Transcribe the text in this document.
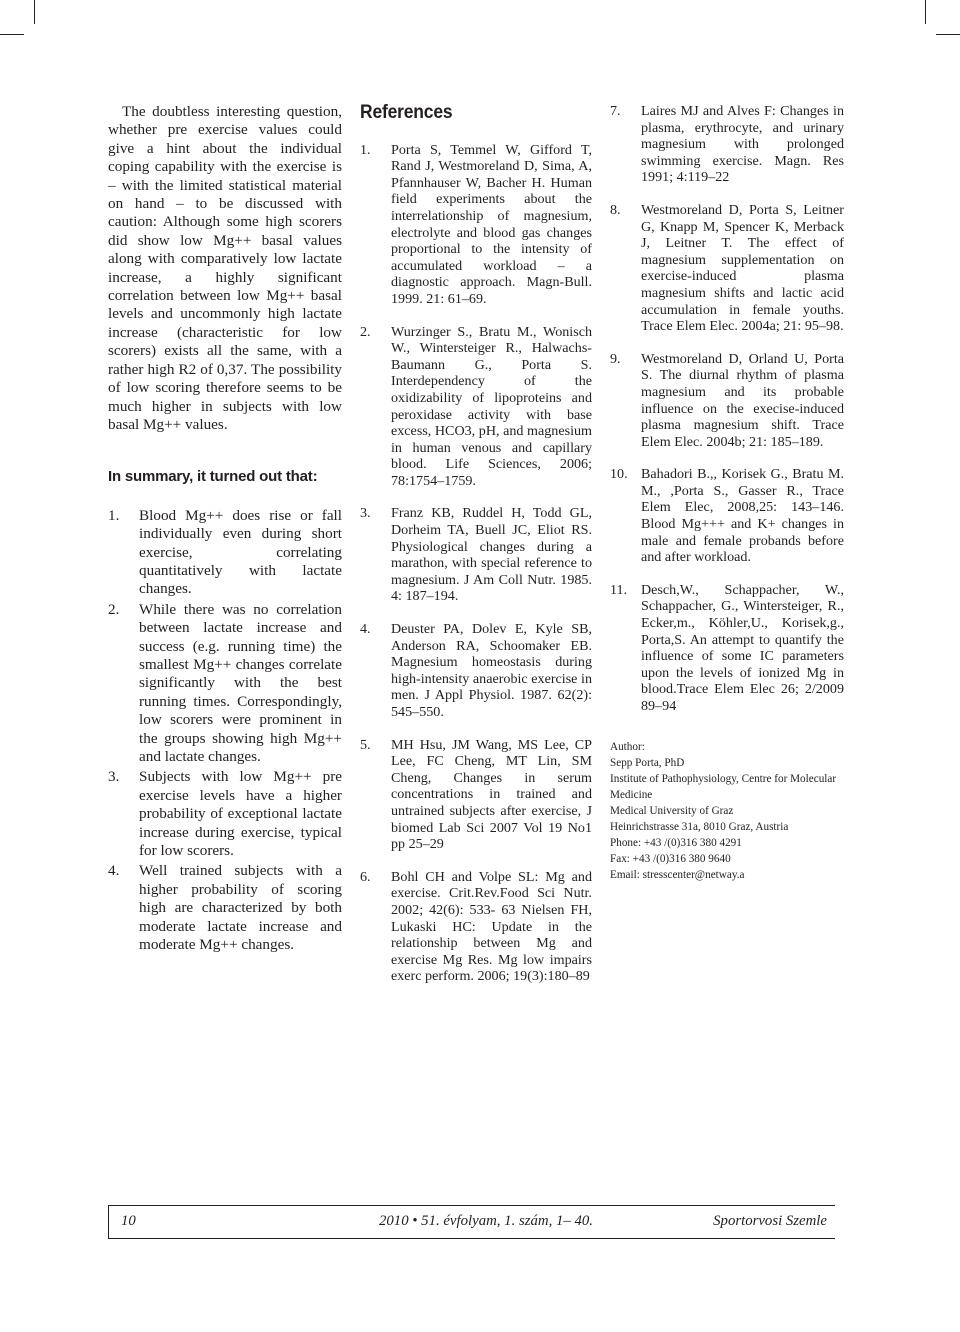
The doubtless interesting question, whether pre exercise values could give a hint about the individual coping capability with the exercise is – with the limited statistical material on hand – to be discussed with caution: Although some high scorers did show low Mg++ basal values along with comparatively low lactate increase, a highly significant correlation between low Mg++ basal levels and uncommonly high lactate increase (characteristic for low scorers) exists all the same, with a rather high R2 of 0,37. The possibility of low scoring therefore seems to be much higher in subjects with low basal Mg++ values.

In summary, it turned out that:
1.	Blood Mg++ does rise or fall individually even during short exercise, correlating quantitatively with lactate changes.
2.	While there was no correlation between lactate increase and success (e.g. running time) the smallest Mg++ changes correlate significantly with the best running times. Correspondingly, low scorers were prominent in the groups showing high Mg++ and lactate changes.
3.	Subjects with low Mg++ pre exercise levels have a higher probability of exceptional lactate increase during exercise, typical for low scorers.
4.	Well trained subjects with a higher probability of scoring high are characterized by both moderate lactate increase and moderate Mg++ changes.
References
1.	Porta S, Temmel W, Gifford T, Rand J, Westmoreland D, Sima, A, Pfannhauser W, Bacher H. Human field experiments about the interrelationship of magnesium, electrolyte and blood gas changes proportional to the intensity of accumulated workload – a diagnostic approach. Magn-Bull. 1999. 21: 61–69.
2.	Wurzinger S., Bratu M., Wonisch W., Wintersteiger R., Halwachs-Baumann G., Porta S. Interdependency of the oxidizability of lipoproteins and peroxidase activity with base excess, HCO3, pH, and magnesium in human venous and capillary blood. Life Sciences, 2006; 78:1754–1759.
3.	Franz KB, Ruddel H, Todd GL, Dorheim TA, Buell JC, Eliot RS. Physiological changes during a marathon, with special reference to magnesium. J Am Coll Nutr. 1985. 4: 187–194.
4.	Deuster PA, Dolev E, Kyle SB, Anderson RA, Schoomaker EB. Magnesium homeostasis during high-intensity anaerobic exercise in men. J Appl Physiol. 1987. 62(2): 545–550.
5.	MH Hsu, JM Wang, MS Lee, CP Lee, FC Cheng, MT Lin, SM Cheng, Changes in serum concentrations in trained and untrained subjects after exercise, J biomed Lab Sci 2007 Vol 19 No1 pp 25–29
6.	Bohl CH and Volpe SL: Mg and exercise. Crit.Rev.Food Sci Nutr. 2002; 42(6): 533- 63 Nielsen FH, Lukaski HC: Update in the relationship between Mg and exercise Mg Res. Mg low impairs exerc perform. 2006; 19(3):180–89
7.	Laires MJ and Alves F: Changes in plasma, erythrocyte, and urinary magnesium with prolonged swimming exercise. Magn. Res 1991; 4:119–22
8.	Westmoreland D, Porta S, Leitner G, Knapp M, Spencer K, Merback J, Leitner T. The effect of magnesium supplementation on exercise-induced plasma magnesium shifts and lactic acid accumulation in female youths. Trace Elem Elec. 2004a; 21: 95–98.
9.	Westmoreland D, Orland U, Porta S. The diurnal rhythm of plasma magnesium and its probable influence on the execise-induced plasma magnesium shift. Trace Elem Elec. 2004b; 21: 185–189.
10. Bahadori B.,, Korisek G., Bratu M. M., ,Porta S., Gasser R., Trace Elem Elec, 2008,25: 143–146. Blood Mg+++ and K+ changes in male and female probands before and after workload.
11. Desch,W., Schappacher, W., Schappacher, G., Wintersteiger, R., Ecker,m., Köhler,U., Korisek,g., Porta,S. An attempt to quantify the influence of some IC parameters upon the levels of ionized Mg in blood.Trace Elem Elec 26; 2/2009 89–94
Author:
Sepp Porta, PhD
Institute of Pathophysiology, Centre for Molecular Medicine
Medical University of Graz
Heinrichstrasse 31a, 8010 Graz, Austria
Phone: +43 /(0)316 380 4291
Fax: +43 /(0)316 380 9640
Email: stresscenter@netway.a
10	2010 • 51. évfolyam, 1. szám, 1– 40.	Sportorvosi Szemle
